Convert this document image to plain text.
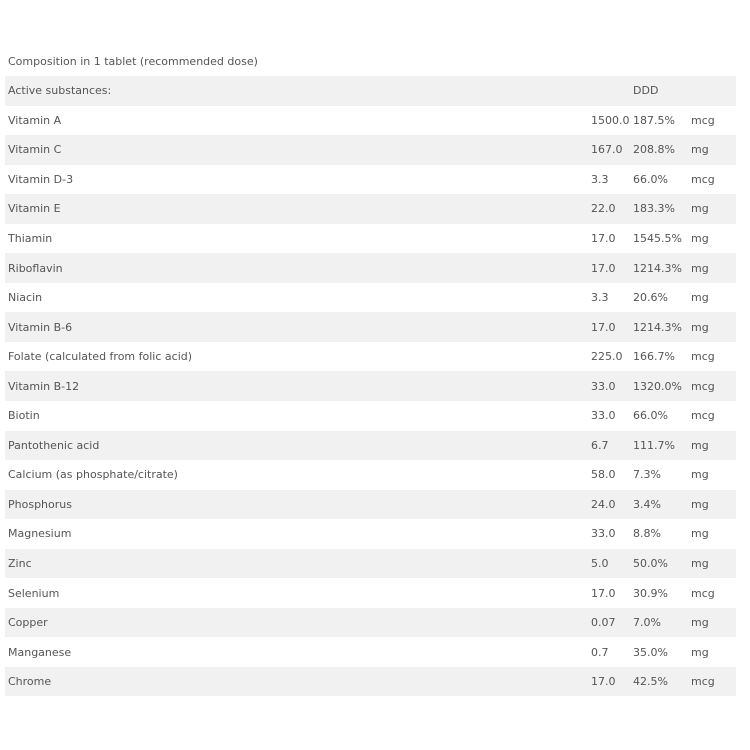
Composition in 1 tablet (recommended dose)
Active substances:		DDD	
Vitamin A	1500.0	187.5%	mcg
Vitamin C	167.0	208.8%	mg
Vitamin D-3	3.3	66.0%	mcg
Vitamin E	22.0	183.3%	mg
Thiamin	17.0	1545.5%	mg
Riboflavin	17.0	1214.3%	mg
Niacin	3.3	20.6%	mg
Vitamin B-6	17.0	1214.3%	mg
Folate (calculated from folic acid)	225.0	166.7%	mcg
Vitamin B-12	33.0	1320.0%	mcg
Biotin	33.0	66.0%	mcg
Pantothenic acid	6.7	111.7%	mg
Calcium (as phosphate/citrate)	58.0	7.3%	mg
Phosphorus	24.0	3.4%	mg
Magnesium	33.0	8.8%	mg
Zinc	5.0	50.0%	mg
Selenium	17.0	30.9%	mcg
Copper	0.07	7.0%	mg
Manganese	0.7	35.0%	mg
Chrome	17.0	42.5%	mcg
